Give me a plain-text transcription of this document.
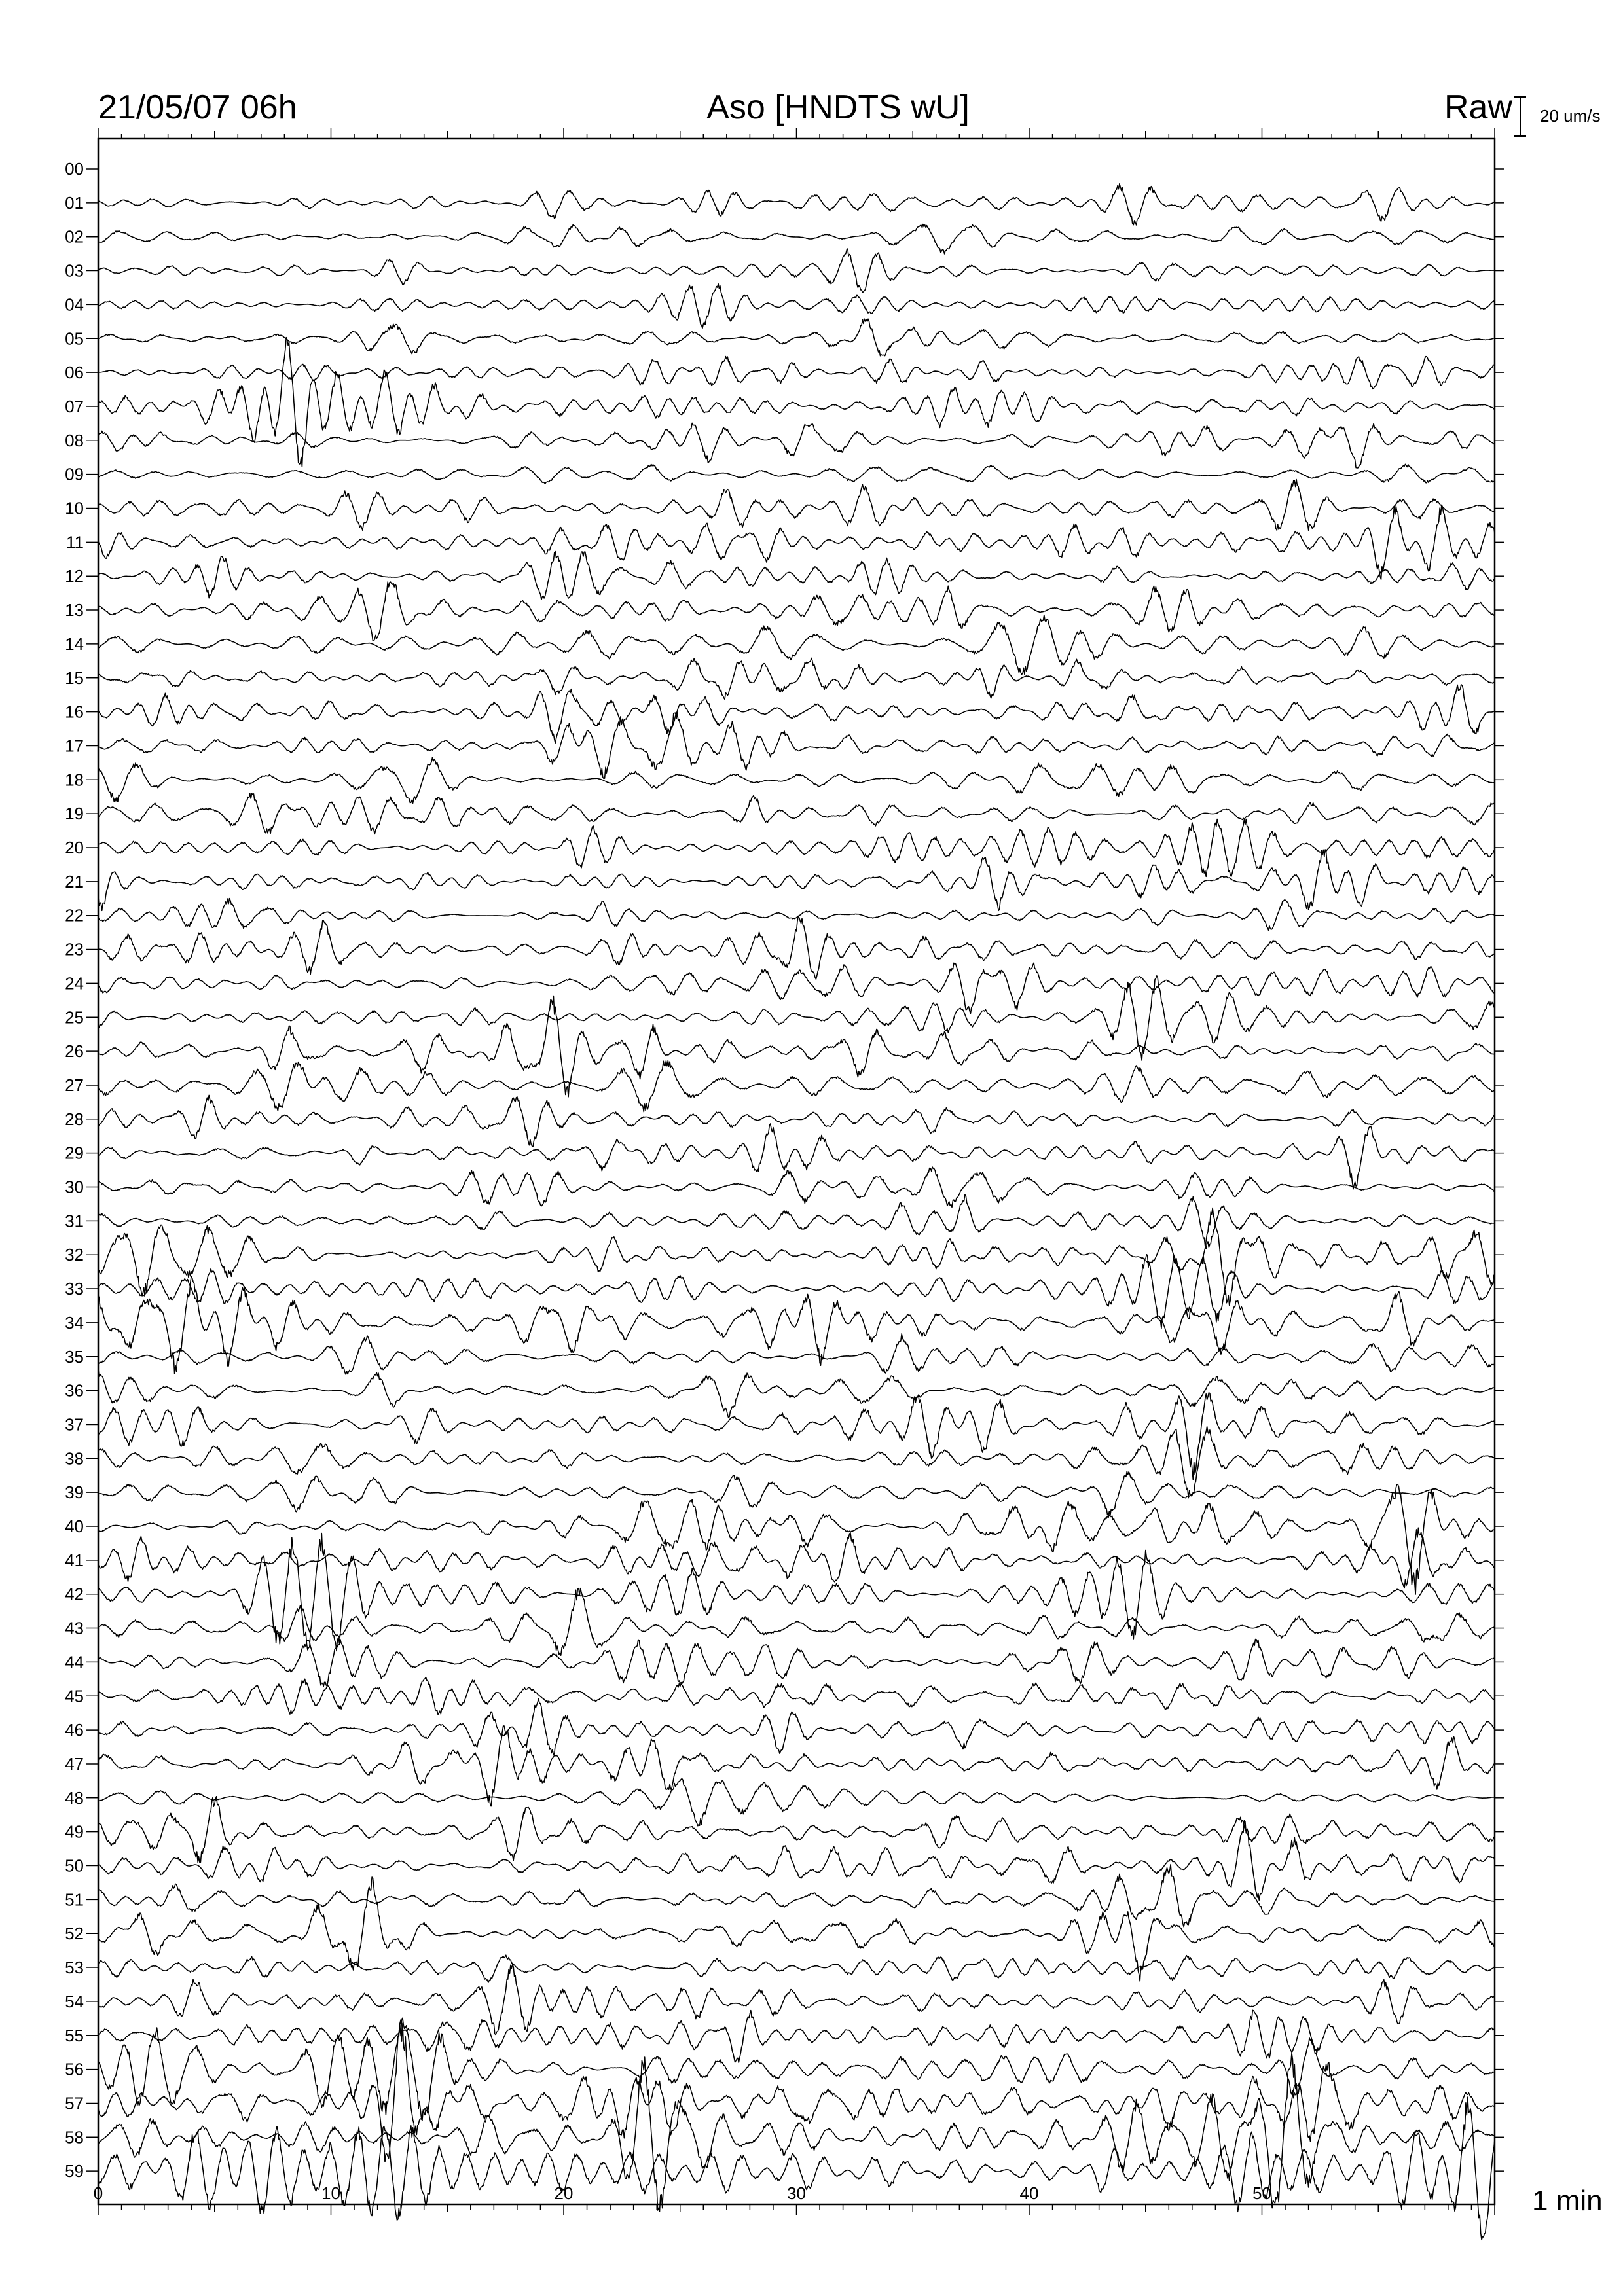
21/05/07 06h	Aso [HNDTS wU]	Raw 20 um/s
1 min
00
01
02
03
04
05
06
07
08
09
10
11
12
13
14
15
16
17
18
19
20
21
22
23
24
25
26
27
28
29
30
31
32
33
34
35
36
37
38
39
40
41
42
43
44
45
46
47
48
49
50
51
52
53
54
55
56
57
58
59
0	10	20	30	40	50
